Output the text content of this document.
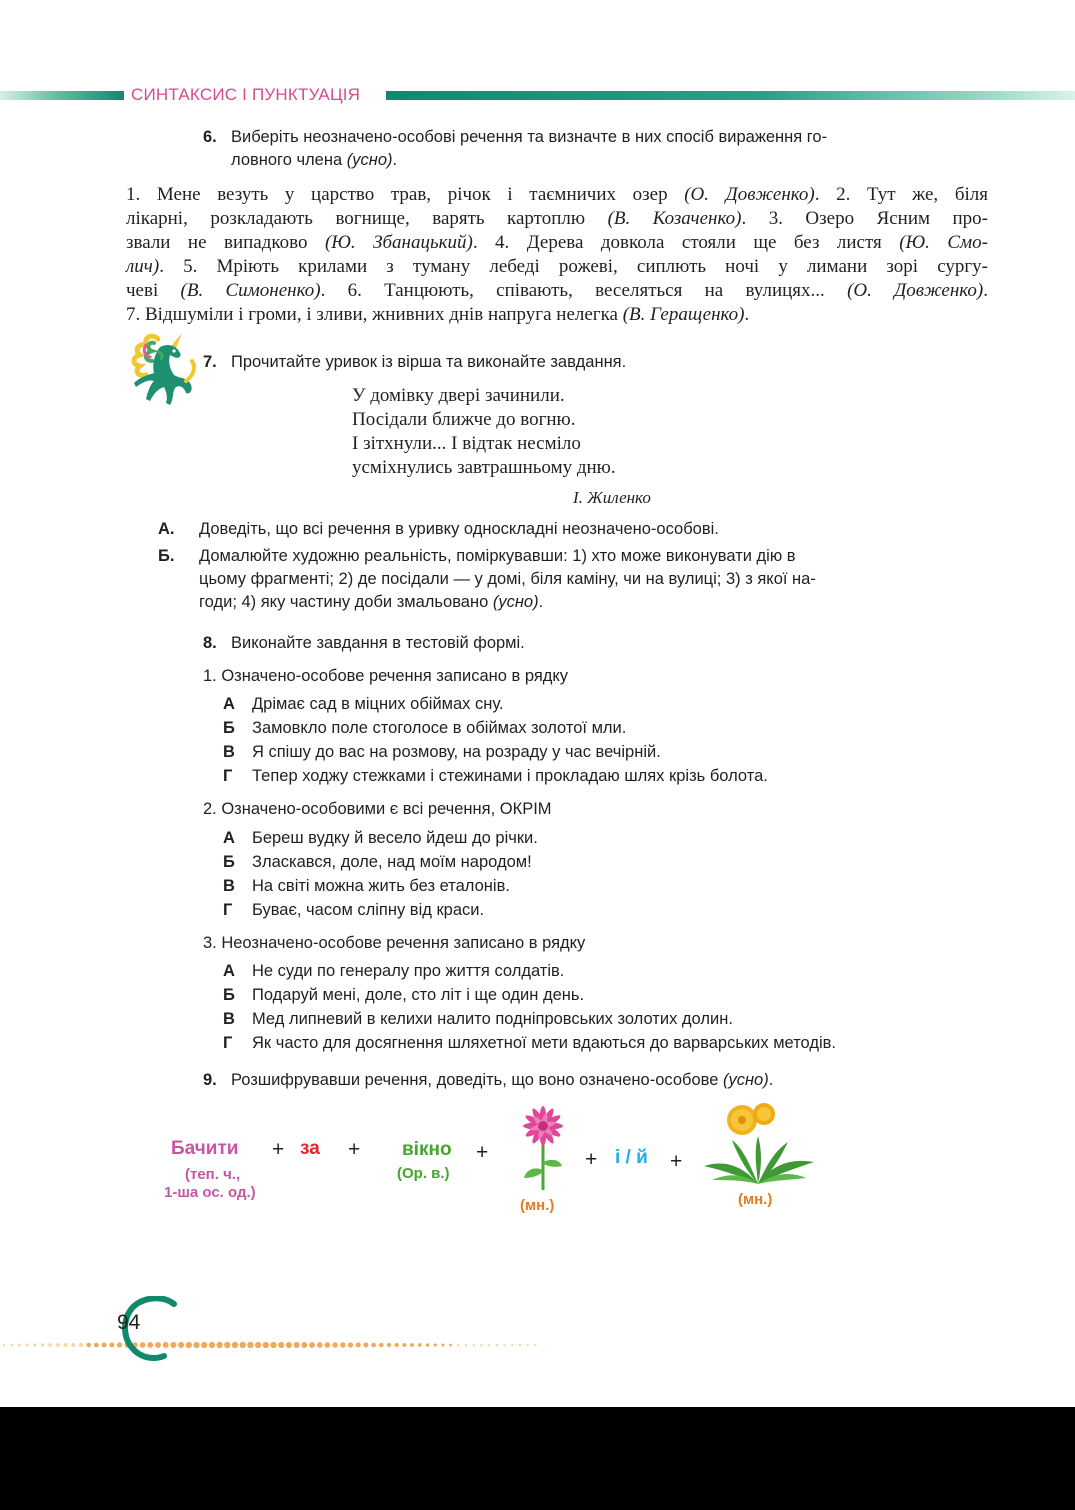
СИНТАКСИС І ПУНКТУАЦІЯ
6. Виберіть неозначено-особові речення та визначте в них спосіб вираження го-
ловного члена (усно).
1. Мене везуть у царство трав, річок і таємничих озер (О. Довженко). 2. Тут же, біля
лікарні, розкладають вогнище, варять картоплю (В. Козаченко). 3. Озеро Ясним про-
звали не випадково (Ю. Збанацький). 4. Дерева довкола стояли ще без листя (Ю. Смо-
лич). 5. Мріють крилами з туману лебеді рожеві, сиплють ночі у лимани зорі сургу-
чеві (В. Симоненко). 6. Танцюють, співають, веселяться на вулицях... (О. Довженко).
7. Відшуміли і громи, і зливи, жнивних днів напруга нелегка (В. Геращенко).
7. Прочитайте уривок із вірша та виконайте завдання.
У домівку двері зачинили.
Посідали ближче до вогню.
І зітхнули... І відтак несміло
усміхнулись завтрашньому дню.
І. Жиленко
А.	Доведіть, що всі речення в уривку односкладні неозначено-особові.
Б.	Домалюйте художню реальність, поміркувавши: 1) хто може виконувати дію в
цьому фрагменті; 2) де посідали — у домі, біля каміну, чи на вулиці; 3) з якої на-
годи; 4) яку частину доби змальовано (усно).
8. Виконайте завдання в тестовій формі.
1. Означено-особове речення записано в рядку
А	Дрімає сад в міцних обіймах сну.
Б	Замовкло поле стоголосе в обіймах золотої мли.
В	Я спішу до вас на розмову, на розраду у час вечірній.
Г	Тепер ходжу стежками і стежинами і прокладаю шлях крізь болота.
2. Означено-особовими є всі речення, ОКРІМ
А	Береш вудку й весело йдеш до річки.
Б	Злаcкався, доле, над моїм народом!
В	На світі можна жить без еталонів.
Г	Буває, часом сліпну від краси.
3. Неозначено-особове речення записано в рядку
А	Не суди по генералу про життя солдатів.
Б	Подаруй мені, доле, сто літ і ще один день.
В	Мед липневий в келихи налито подніпровських золотих долин.
Г	Як часто для досягнення шляхетної мети вдаються до варварських методів.
9. Розшифрувавши речення, доведіть, що воно означено-особове (усно).
Бачити
(теп. ч.,
1-ша ос. од.)
+ за + вікно
(Ор. в.)
+
(мн.)
+ і / й +
(мн.)
94
